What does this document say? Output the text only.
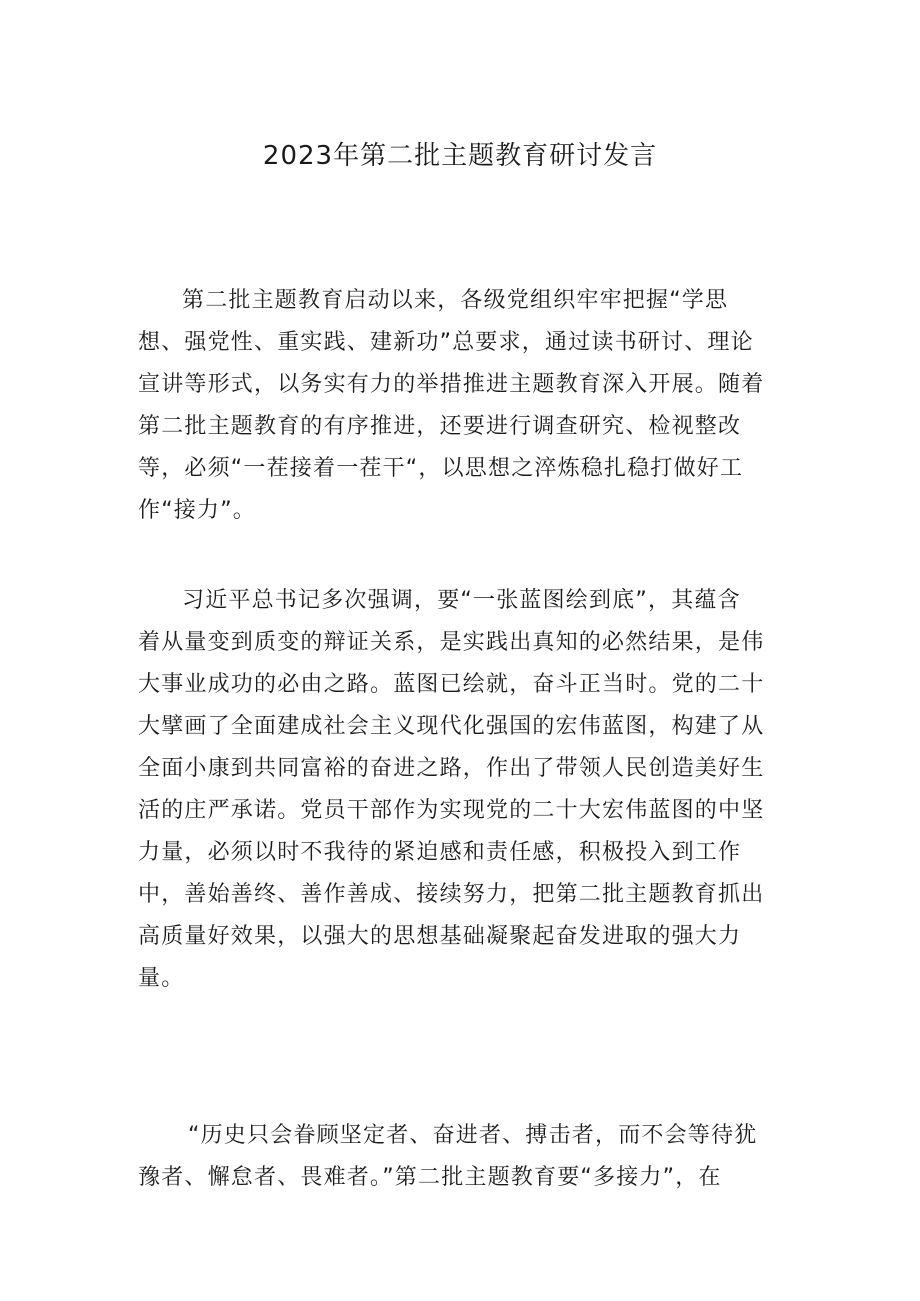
2023年第二批主题教育研讨发言
第二批主题教育启动以来，各级党组织牢牢把握“学思
想、强党性、重实践、建新功”总要求，通过读书研讨、理论
宣讲等形式，以务实有力的举措推进主题教育深入开展。随着
第二批主题教育的有序推进，还要进行调查研究、检视整改
等，必须“一茬接着一茬干“，以思想之淬炼稳扎稳打做好工
作“接力”。
习近平总书记多次强调，要“一张蓝图绘到底”，其蕴含
着从量变到质变的辩证关系，是实践出真知的必然结果，是伟
大事业成功的必由之路。蓝图已绘就，奋斗正当时。党的二十
大擘画了全面建成社会主义现代化强国的宏伟蓝图，构建了从
全面小康到共同富裕的奋进之路，作出了带领人民创造美好生
活的庄严承诺。党员干部作为实现党的二十大宏伟蓝图的中坚
力量，必须以时不我待的紧迫感和责任感，积极投入到工作
中，善始善终、善作善成、接续努力，把第二批主题教育抓出
高质量好效果，以强大的思想基础凝聚起奋发进取的强大力
量。
“历史只会眷顾坚定者、奋进者、搏击者，而不会等待犹
豫者、懈怠者、畏难者。”第二批主题教育要“多接力”，在
